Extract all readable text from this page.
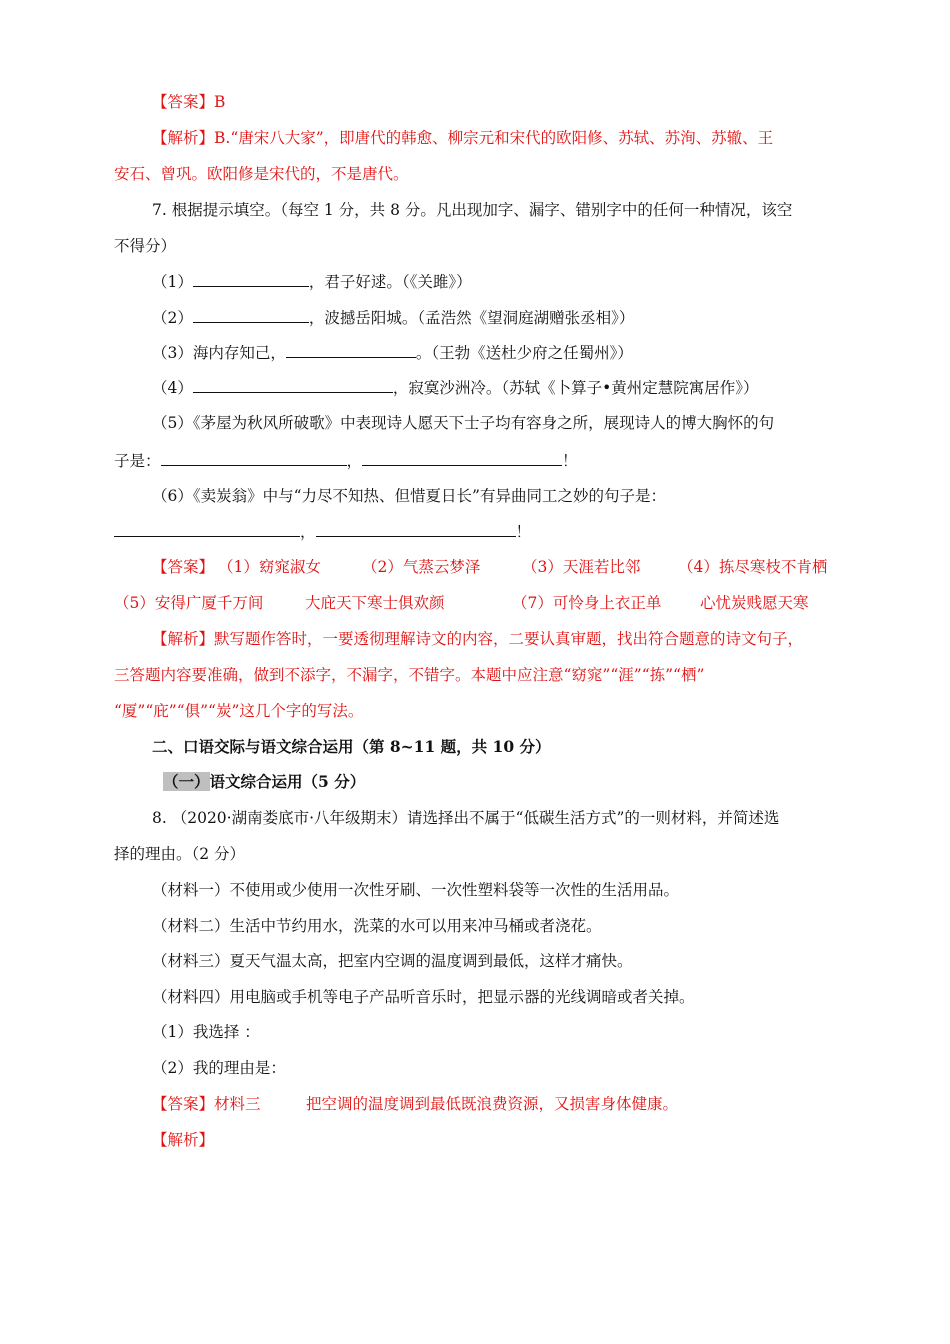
【答案】B
【解析】B.“唐宋八大家”，即唐代的韩愈、柳宗元和宋代的欧阳修、苏轼、苏洵、苏辙、王
安石、曾巩。欧阳修是宋代的，不是唐代。
7. 根据提示填空。（每空 1 分，共 8 分。凡出现加字、漏字、错别字中的任何一种情况，该空
不得分）
（1）	，君子好逑。（《关雎》）
（2）	，波撼岳阳城。（孟浩然《望洞庭湖赠张丞相》）
（3）海内存知己，	。（王勃《送杜少府之任蜀州》）
（4）	，寂寞沙洲冷。（苏轼《卜算子•黄州定慧院寓居作》）
（5）《茅屋为秋风所破歌》中表现诗人愿天下士子均有容身之所，展现诗人的博大胸怀的句
子是：	，	！
（6）《卖炭翁》中与“力尽不知热、但惜夏日长”有异曲同工之妙的句子是：
，	！
【答案】 （1）窈窕淑女	（2）气蒸云梦泽	（3）天涯若比邻 （4）拣尽寒枝不肯栖
（5）安得广厦千万间	大庇天下寒士俱欢颜	（7）可怜身上衣正单 心忧炭贱愿天寒
【解析】默写题作答时，一要透彻理解诗文的内容，二要认真审题，找出符合题意的诗文句子，
三答题内容要准确，做到不添字，不漏字，不错字。本题中应注意“窈窕”“涯”“拣”“栖”
“厦”“庇”“俱”“炭”这几个字的写法。
二、口语交际与语文综合运用（第 8~11 题，共 10 分）
（一）语文综合运用（5 分）
8. （2020·湖南娄底市·八年级期末）请选择出不属于“低碳生活方式”的一则材料，并简述选
择的理由。（2 分）
（材料一）不使用或少使用一次性牙刷、一次性塑料袋等一次性的生活用品。
（材料二）生活中节约用水，洗菜的水可以用来冲马桶或者浇花。
（材料三）夏天气温太高，把室内空调的温度调到最低，这样才痛快。
（材料四）用电脑或手机等电子产品听音乐时，把显示器的光线调暗或者关掉。
（1）我选择 ：
（2）我的理由是：
【答案】材料三	把空调的温度调到最低既浪费资源，又损害身体健康。
【解析】
